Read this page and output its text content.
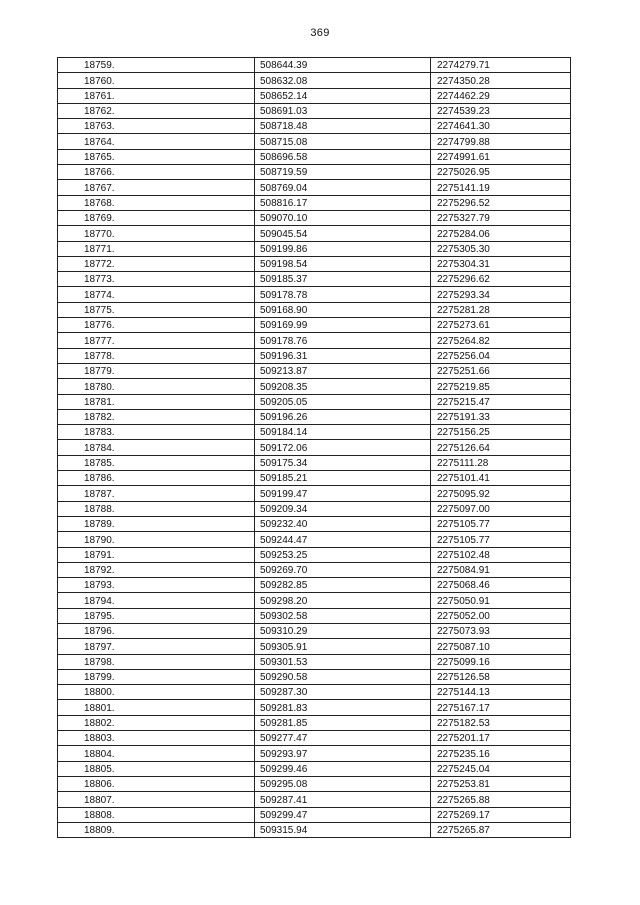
369
18759.	508644.39	2274279.71
18760.	508632.08	2274350.28
18761.	508652.14	2274462.29
18762.	508691.03	2274539.23
18763.	508718.48	2274641.30
18764.	508715.08	2274799.88
18765.	508696.58	2274991.61
18766.	508719.59	2275026.95
18767.	508769.04	2275141.19
18768.	508816.17	2275296.52
18769.	509070.10	2275327.79
18770.	509045.54	2275284.06
18771.	509199.86	2275305.30
18772.	509198.54	2275304.31
18773.	509185.37	2275296.62
18774.	509178.78	2275293.34
18775.	509168.90	2275281.28
18776.	509169.99	2275273.61
18777.	509178.76	2275264.82
18778.	509196.31	2275256.04
18779.	509213.87	2275251.66
18780.	509208.35	2275219.85
18781.	509205.05	2275215.47
18782.	509196.26	2275191.33
18783.	509184.14	2275156.25
18784.	509172.06	2275126.64
18785.	509175.34	2275111.28
18786.	509185.21	2275101.41
18787.	509199.47	2275095.92
18788.	509209.34	2275097.00
18789.	509232.40	2275105.77
18790.	509244.47	2275105.77
18791.	509253.25	2275102.48
18792.	509269.70	2275084.91
18793.	509282.85	2275068.46
18794.	509298.20	2275050.91
18795.	509302.58	2275052.00
18796.	509310.29	2275073.93
18797.	509305.91	2275087.10
18798.	509301.53	2275099.16
18799.	509290.58	2275126.58
18800.	509287.30	2275144.13
18801.	509281.83	2275167.17
18802.	509281.85	2275182.53
18803.	509277.47	2275201.17
18804.	509293.97	2275235.16
18805.	509299.46	2275245.04
18806.	509295.08	2275253.81
18807.	509287.41	2275265.88
18808.	509299.47	2275269.17
18809.	509315.94	2275265.87
